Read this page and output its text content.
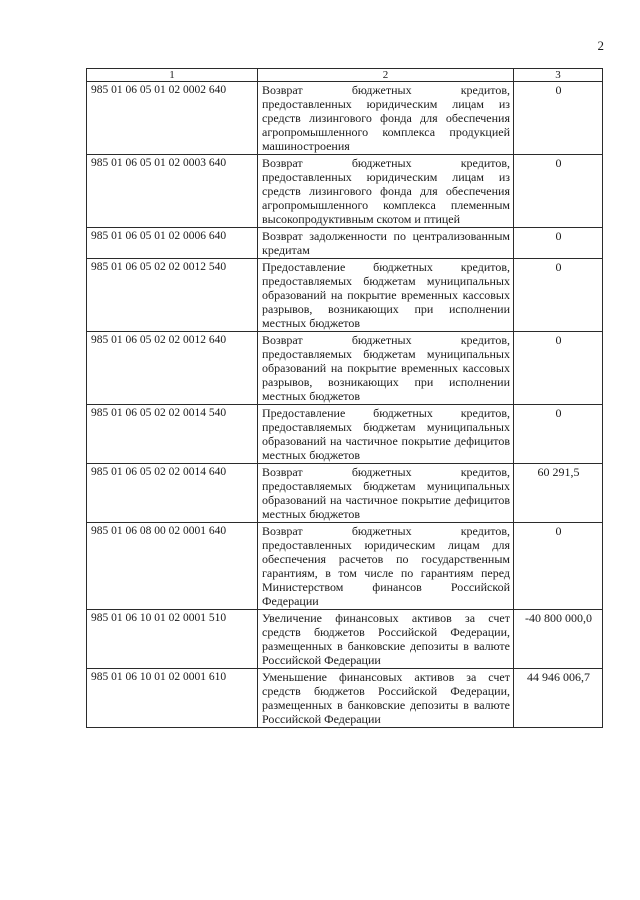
2
1	2	3
985 01 06 05 01 02 0002 640	Возврат бюджетных кредитов, предоставленных юридическим лицам из средств лизингового фонда для обеспечения агропромышленного комплекса продукцией машиностроения	0
985 01 06 05 01 02 0003 640	Возврат бюджетных кредитов, предоставленных юридическим лицам из средств лизингового фонда для обеспечения агропромышленного комплекса племенным высокопродуктивным скотом и птицей	0
985 01 06 05 01 02 0006 640	Возврат задолженности по централизованным кредитам	0
985 01 06 05 02 02 0012 540	Предоставление бюджетных кредитов, предоставляемых бюджетам муниципальных образований на покрытие временных кассовых разрывов, возникающих при исполнении местных бюджетов	0
985 01 06 05 02 02 0012 640	Возврат бюджетных кредитов, предоставляемых бюджетам муниципальных образований на покрытие временных кассовых разрывов, возникающих при исполнении местных бюджетов	0
985 01 06 05 02 02 0014 540	Предоставление бюджетных кредитов, предоставляемых бюджетам муниципальных образований на частичное покрытие дефицитов местных бюджетов	0
985 01 06 05 02 02 0014 640	Возврат бюджетных кредитов, предоставляемых бюджетам муниципальных образований на частичное покрытие дефицитов местных бюджетов	60 291,5
985 01 06 08 00 02 0001 640	Возврат бюджетных кредитов, предоставленных юридическим лицам для обеспечения расчетов по государственным гарантиям, в том числе по гарантиям перед Министерством финансов Российской Федерации	0
985 01 06 10 01 02 0001 510	Увеличение финансовых активов за счет средств бюджетов Российской Федерации, размещенных в банковские депозиты в валюте Российской Федерации	-40 800 000,0
985 01 06 10 01 02 0001 610	Уменьшение финансовых активов за счет средств бюджетов Российской Федерации, размещенных в банковские депозиты в валюте Российской Федерации	44 946 006,7
